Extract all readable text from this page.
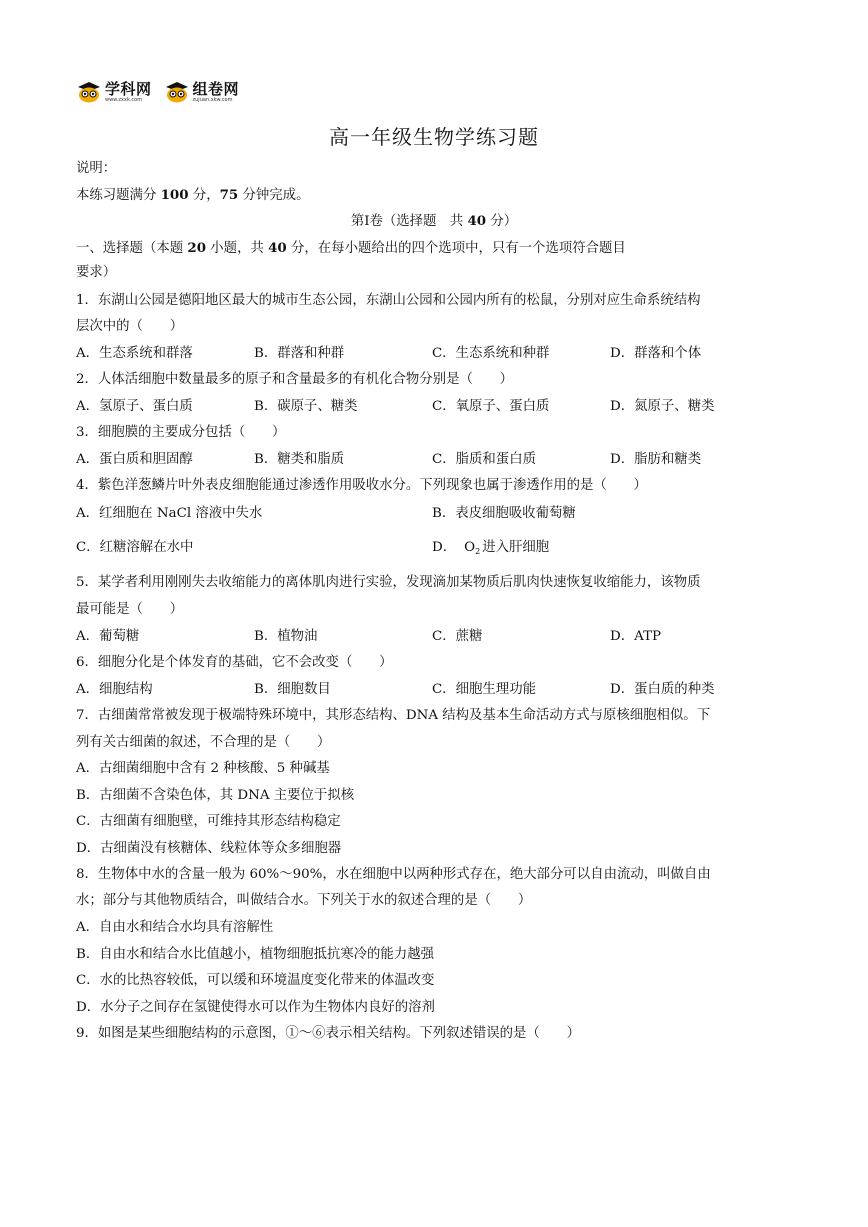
学科网
www.zxxk.com
组卷网
zujuan.xkw.com
高一年级生物学练习题
说明：
本练习题满分 100 分，75 分钟完成。
第Ⅰ卷（选择题　共 40 分）
一、选择题（本题 20 小题，共 40 分，在每小题给出的四个选项中，只有一个选项符合题目
要求）
1．东湖山公园是德阳地区最大的城市生态公园，东湖山公园和公园内所有的松鼠，分别对应生命系统结构
层次中的（　　）
A．生态系统和群落	B．群落和种群	C．生态系统和种群	D．群落和个体
2．人体活细胞中数量最多的原子和含量最多的有机化合物分别是（　　）
A．氢原子、蛋白质	B．碳原子、糖类	C．氧原子、蛋白质	D．氮原子、糖类
3．细胞膜的主要成分包括（　　）
A．蛋白质和胆固醇	B．糖类和脂质	C．脂质和蛋白质	D．脂肪和糖类
4．紫色洋葱鳞片叶外表皮细胞能通过渗透作用吸收水分。下列现象也属于渗透作用的是（　　）
A．红细胞在 NaCl 溶液中失水	B．表皮细胞吸收葡萄糖
C．红糖溶解在水中	D． $O_2$ 进入肝细胞
5．某学者利用刚刚失去收缩能力的离体肌肉进行实验，发现滴加某物质后肌肉快速恢复收缩能力，该物质
最可能是（　　）
A．葡萄糖	B．植物油	C．蔗糖	D．ATP
6．细胞分化是个体发育的基础，它不会改变（　　）
A．细胞结构	B．细胞数目	C．细胞生理功能	D．蛋白质的种类
7．古细菌常常被发现于极端特殊环境中，其形态结构、DNA 结构及基本生命活动方式与原核细胞相似。下
列有关古细菌的叙述，不合理的是（　　）
A．古细菌细胞中含有 2 种核酸、5 种碱基
B．古细菌不含染色体，其 DNA 主要位于拟核
C．古细菌有细胞壁，可维持其形态结构稳定
D．古细菌没有核糖体、线粒体等众多细胞器
8．生物体中水的含量一般为 60%～90%，水在细胞中以两种形式存在，绝大部分可以自由流动，叫做自由
水；部分与其他物质结合，叫做结合水。下列关于水的叙述合理的是（　　）
A．自由水和结合水均具有溶解性
B．自由水和结合水比值越小，植物细胞抵抗寒冷的能力越强
C．水的比热容较低，可以缓和环境温度变化带来的体温改变
D．水分子之间存在氢键使得水可以作为生物体内良好的溶剂
9．如图是某些细胞结构的示意图，①～⑥表示相关结构。下列叙述错误的是（　　）
